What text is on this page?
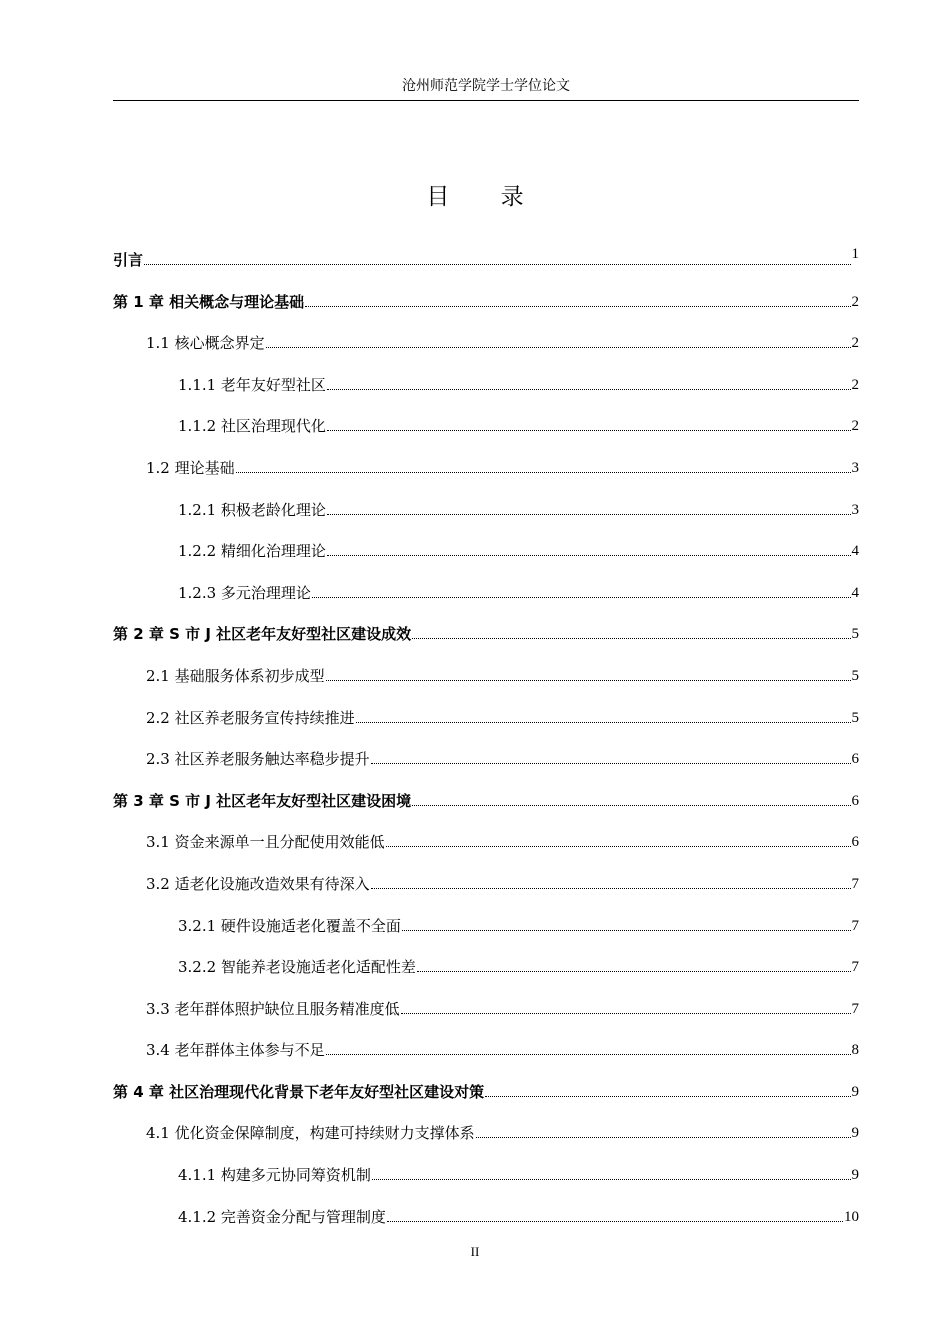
沧州师范学院学士学位论文
目 录
引言	1
第 1 章 相关概念与理论基础	2
1.1 核心概念界定	2
1.1.1 老年友好型社区	2
1.1.2 社区治理现代化	2
1.2 理论基础	3
1.2.1 积极老龄化理论	3
1.2.2 精细化治理理论	4
1.2.3 多元治理理论	4
第 2 章 S 市 J 社区老年友好型社区建设成效	5
2.1 基础服务体系初步成型	5
2.2 社区养老服务宣传持续推进	5
2.3 社区养老服务触达率稳步提升	6
第 3 章 S 市 J 社区老年友好型社区建设困境	6
3.1 资金来源单一且分配使用效能低	6
3.2 适老化设施改造效果有待深入	7
3.2.1 硬件设施适老化覆盖不全面	7
3.2.2 智能养老设施适老化适配性差	7
3.3 老年群体照护缺位且服务精准度低	7
3.4 老年群体主体参与不足	8
第 4 章 社区治理现代化背景下老年友好型社区建设对策	9
4.1 优化资金保障制度，构建可持续财力支撑体系	9
4.1.1 构建多元协同筹资机制	9
4.1.2 完善资金分配与管理制度	10
II
